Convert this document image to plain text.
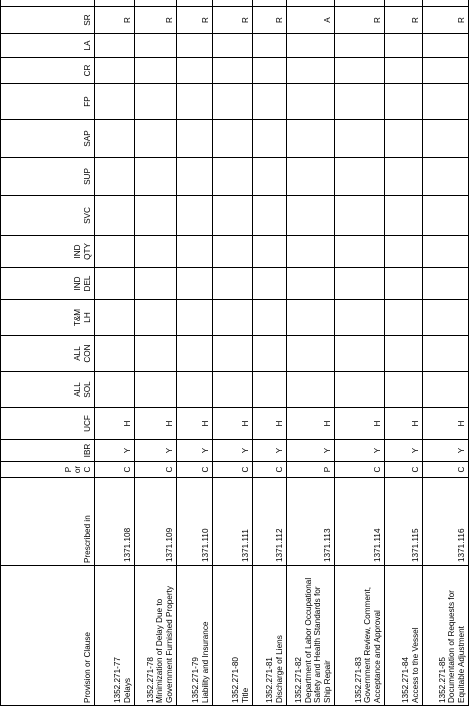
Provision or Clause	Prescribed in	P or C	IBR	UCF	ALL SOL	ALL CON	T&M LH	IND DEL	IND QTY	SVC	SUP	SAP	FP	CR	LA	SR	

1352.271-77 Delays	1371.108	C	Y	H												R	

1352.271-78 Minimization of Delay Due to Government Furnished Property	1371.109	C	Y	H												R	

1352.271-79 Liability and Insurance	1371.110	C	Y	H												R	

1352.271-80 Title	1371.111	C	Y	H												R	

1352.271-81 Discharge of Liens	1371.112	C	Y	H												R	

1352.271-82 Department of Labor Occupational Safety and Health Standards for Ship Repair	1371.113	P	Y	H												A	

1352.271-83 Government Review, Comment, Acceptance and Approval	1371.114	C	Y	H												R	

1352.271-84 Access to the Vessel	1371.115	C	Y	H												R	

1352.271-85 Documentation of Requests for Equitable Adjustment	1371.116	C	Y	H												R	
